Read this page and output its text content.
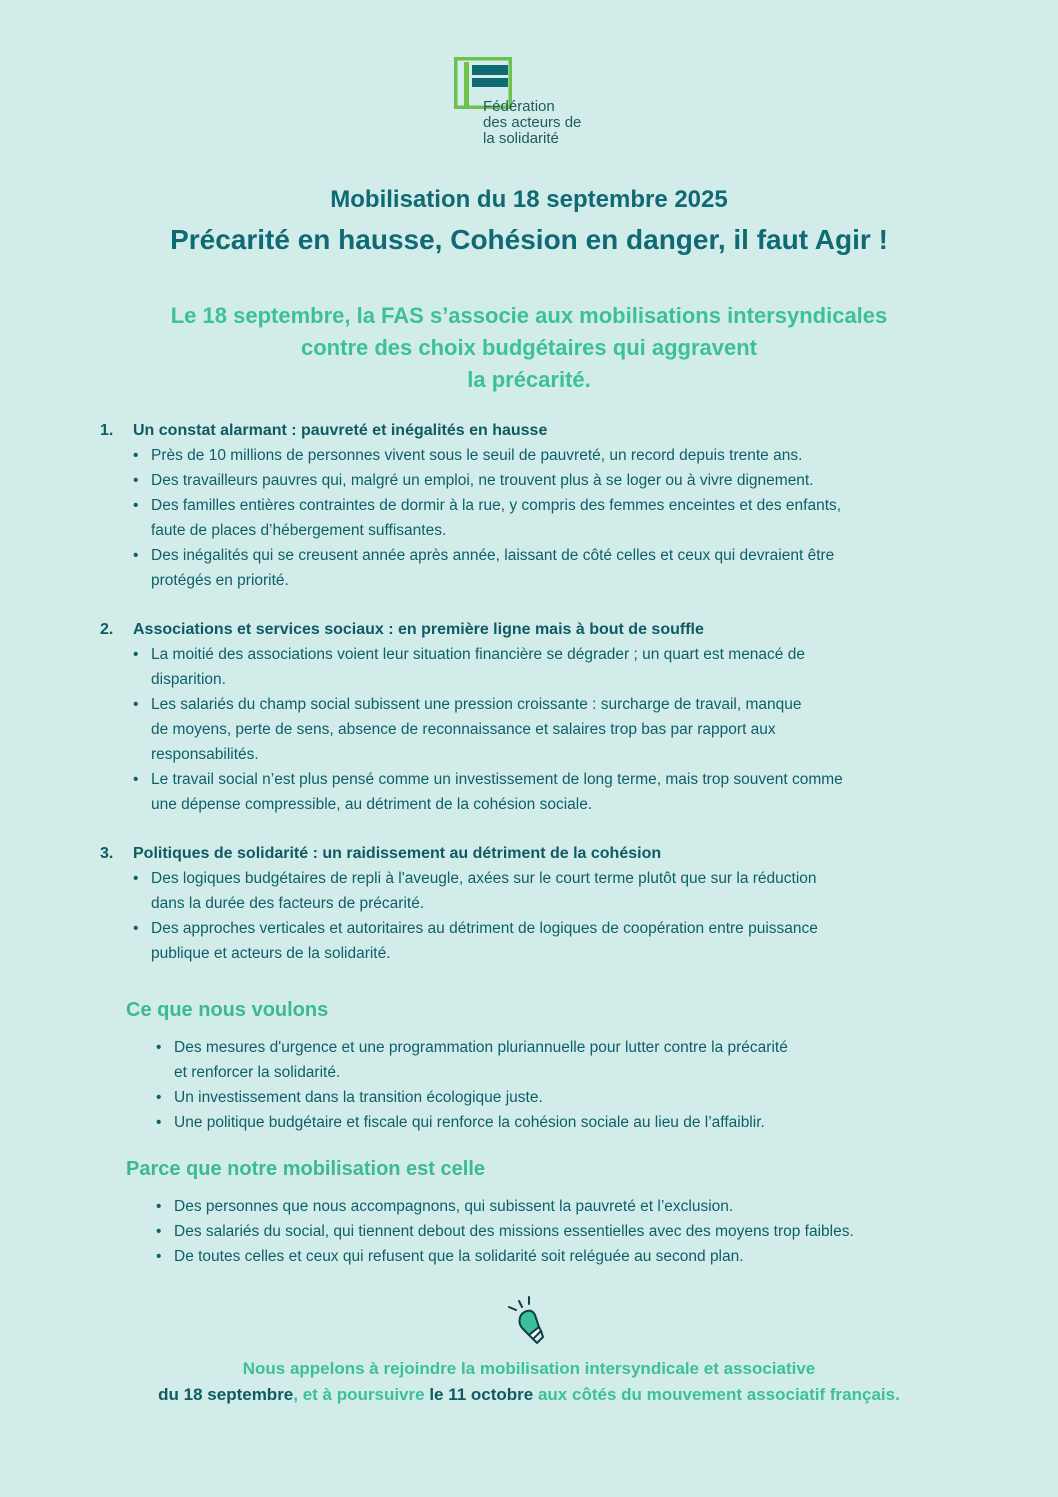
Fédération
des acteurs de
la solidarité
Mobilisation du 18 septembre 2025
Précarité en hausse, Cohésion en danger, il faut Agir !
Le 18 septembre, la FAS s’associe aux mobilisations intersyndicales
contre des choix budgétaires qui aggravent
la précarité.
1. Un constat alarmant : pauvreté et inégalités en hausse
• Près de 10 millions de personnes vivent sous le seuil de pauvreté, un record depuis trente ans.
• Des travailleurs pauvres qui, malgré un emploi, ne trouvent plus à se loger ou à vivre dignement.
• Des familles entières contraintes de dormir à la rue, y compris des femmes enceintes et des enfants,
faute de places d’hébergement suffisantes.
• Des inégalités qui se creusent année après année, laissant de côté celles et ceux qui devraient être
protégés en priorité.
2. Associations et services sociaux : en première ligne mais à bout de souffle
• La moitié des associations voient leur situation financière se dégrader ; un quart est menacé de
disparition.
• Les salariés du champ social subissent une pression croissante : surcharge de travail, manque
de moyens, perte de sens, absence de reconnaissance et salaires trop bas par rapport aux
responsabilités.
• Le travail social n’est plus pensé comme un investissement de long terme, mais trop souvent comme
une dépense compressible, au détriment de la cohésion sociale.
3. Politiques de solidarité : un raidissement au détriment de la cohésion
• Des logiques budgétaires de repli à l'aveugle, axées sur le court terme plutôt que sur la réduction
dans la durée des facteurs de précarité.
• Des approches verticales et autoritaires au détriment de logiques de coopération entre puissance
publique et acteurs de la solidarité.
Ce que nous voulons
• Des mesures d'urgence et une programmation pluriannuelle pour lutter contre la précarité
et renforcer la solidarité.
• Un investissement dans la transition écologique juste.
• Une politique budgétaire et fiscale qui renforce la cohésion sociale au lieu de l’affaiblir.
Parce que notre mobilisation est celle
• Des personnes que nous accompagnons, qui subissent la pauvreté et l’exclusion.
• Des salariés du social, qui tiennent debout des missions essentielles avec des moyens trop faibles.
• De toutes celles et ceux qui refusent que la solidarité soit reléguée au second plan.
Nous appelons à rejoindre la mobilisation intersyndicale et associative
du 18 septembre, et à poursuivre le 11 octobre aux côtés du mouvement associatif français.
